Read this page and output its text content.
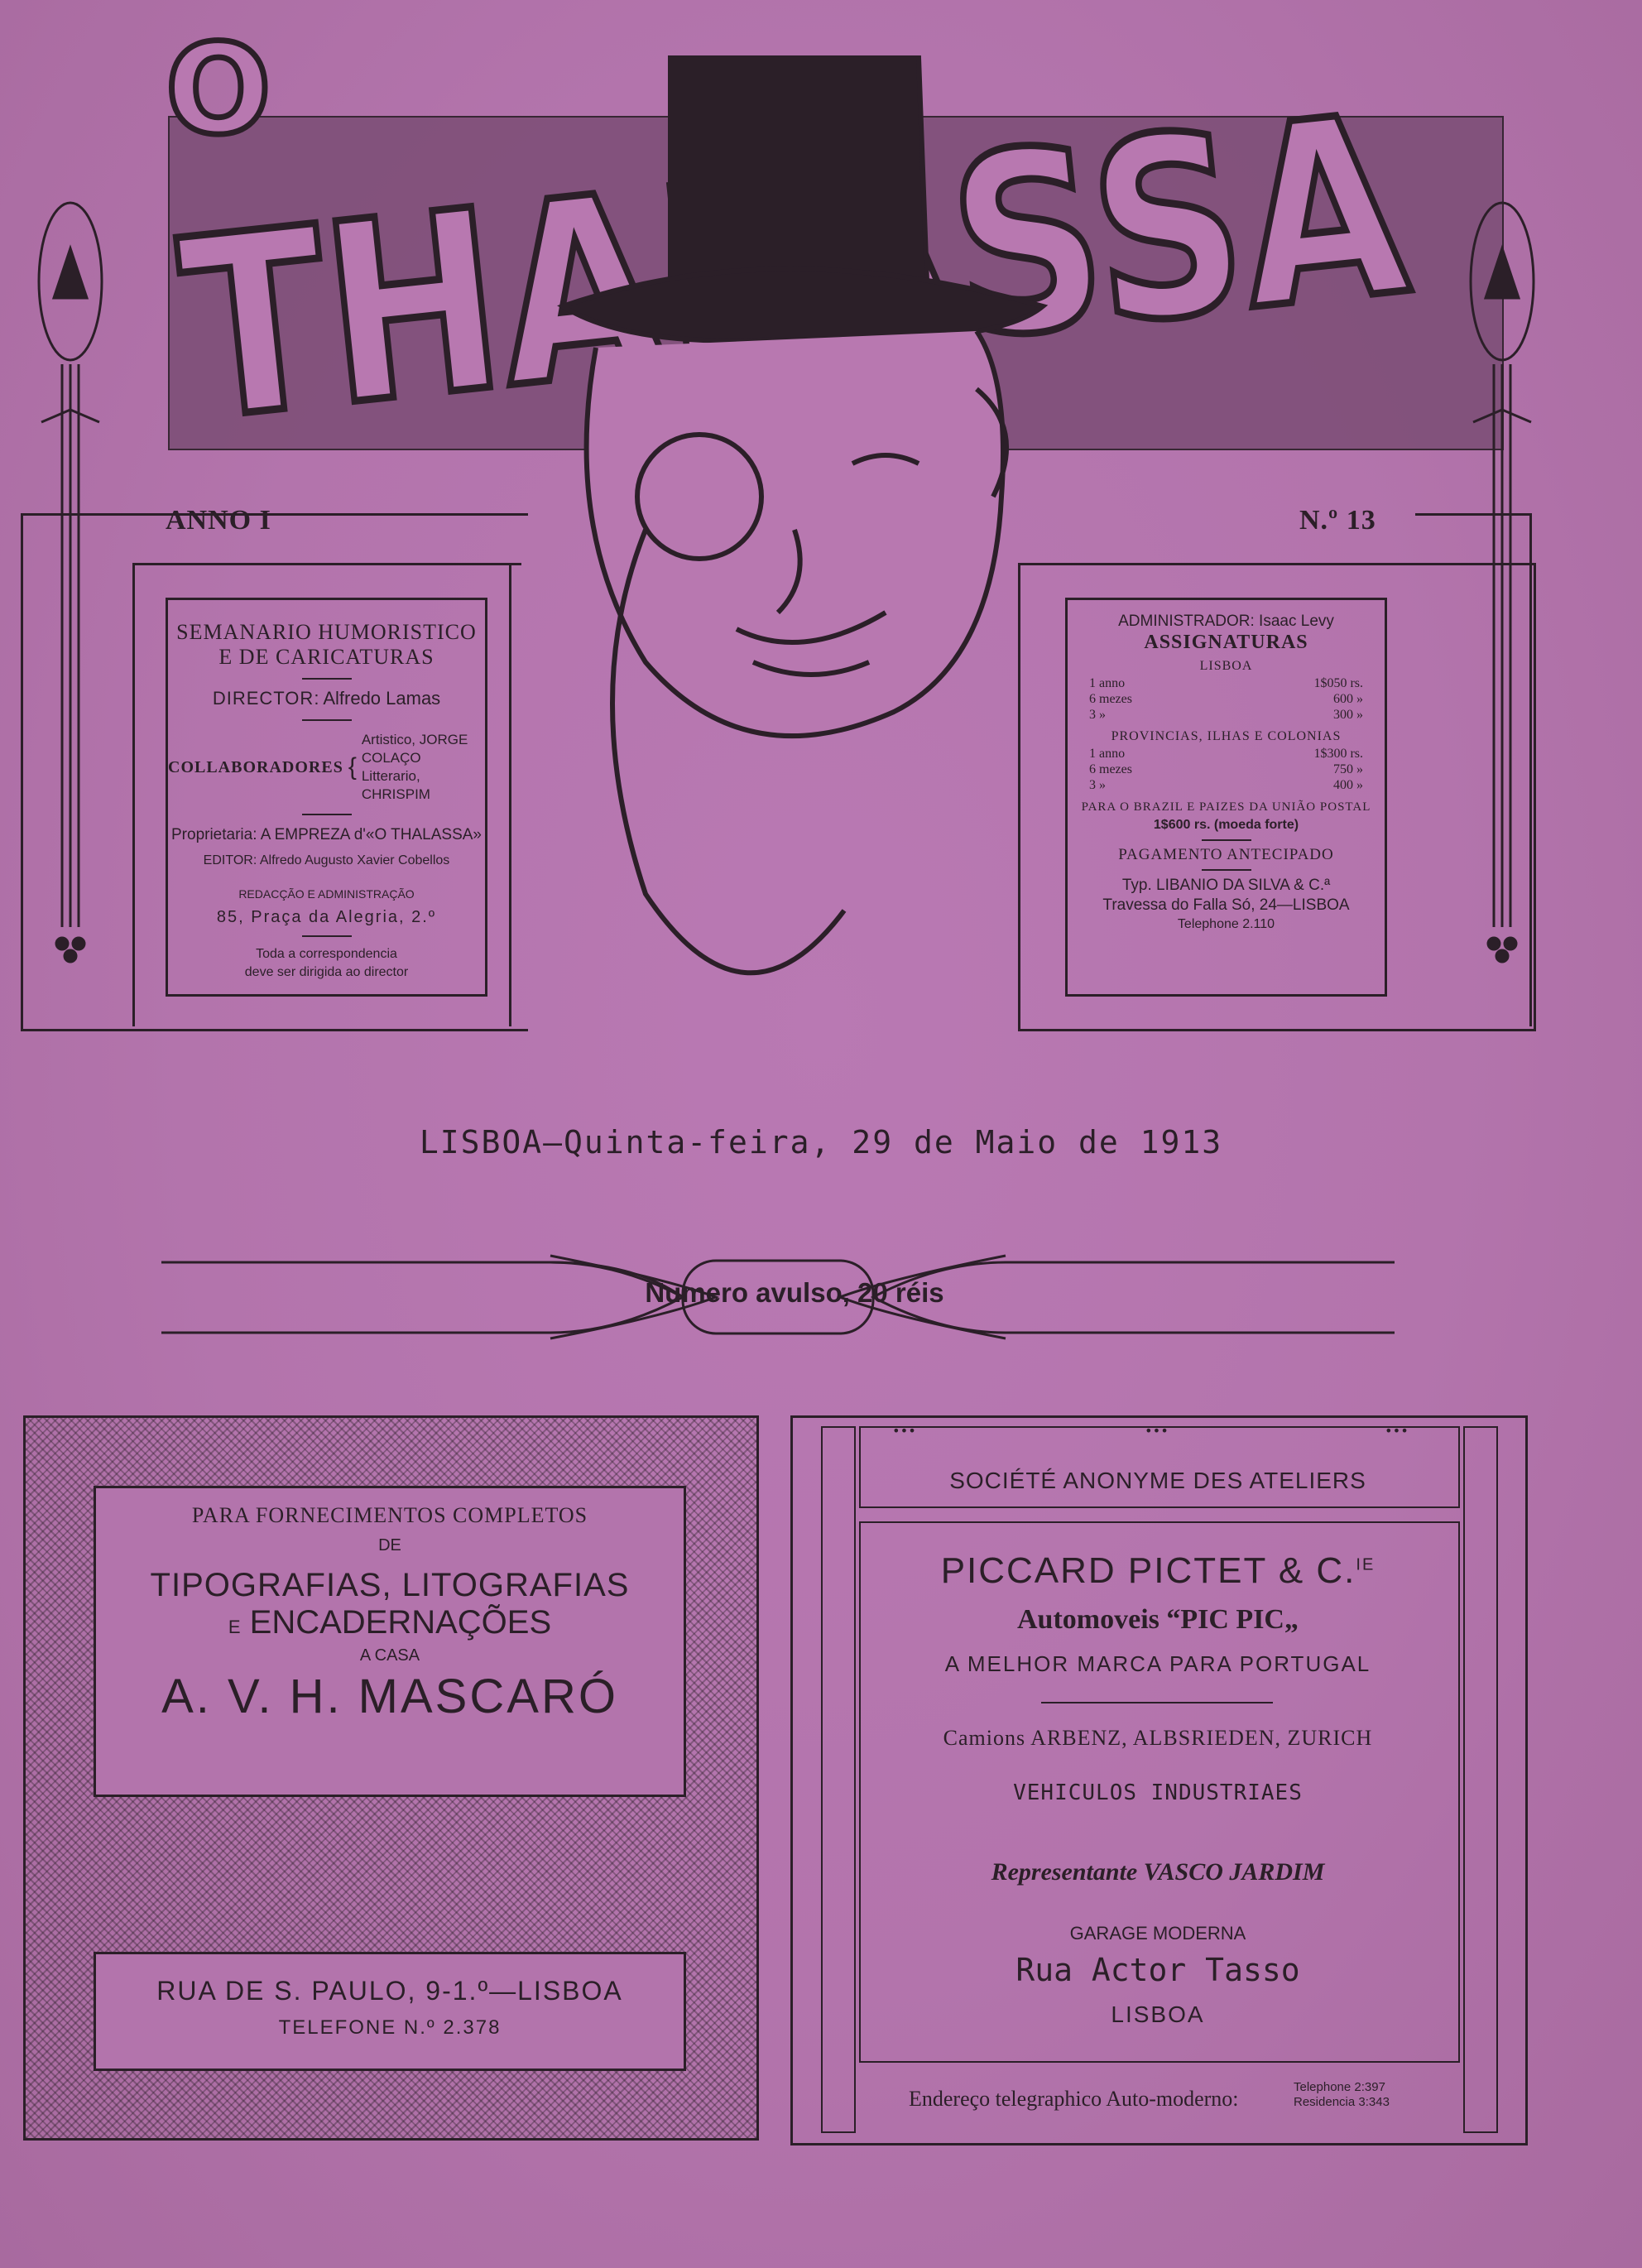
O
ANNO I	N.º 13
SEMANARIO HUMORISTICO
E DE CARICATURAS
DIRECTOR: Alfredo Lamas
COLLABORADORES {
Artistico, JORGE COLAÇO
Litterario, CHRISPIM
Proprietaria: A EMPREZA d'«O THALASSA»
EDITOR: Alfredo Augusto Xavier Cobellos
REDACÇÃO E ADMINISTRAÇÃO
85, Praça da Alegria, 2.º
Toda a correspondencia
deve ser dirigida ao director
ADMINISTRADOR: Isaac Levy
ASSIGNATURAS
LISBOA
1 anno	1$050 rs.
6 mezes	600 »
3 »	300 »
PROVINCIAS, ILHAS E COLONIAS
1 anno	1$300 rs.
6 mezes	750 »
3 »	400 »
PARA O BRAZIL E PAIZES DA UNIÃO POSTAL
1$600 rs. (moeda forte)
PAGAMENTO ANTECIPADO
Typ. LIBANIO DA SILVA & C.ª
Travessa do Falla Só, 24—LISBOA
Telephone 2.110
LISBOA—Quinta-feira, 29 de Maio de 1913
Numero avulso, 20 réis
PARA FORNECIMENTOS COMPLETOS
DE
TIPOGRAFIAS, LITOGRAFIAS
E ENCADERNAÇÕES
A CASA
A. V. H. MASCARÓ
RUA DE S. PAULO, 9-1.º—LISBOA
TELEFONE N.º 2.378
•••	•••	•••
SOCIÉTÉ ANONYME DES ATELIERS
PICCARD PICTET & C.$^{IE}$
Automoveis “PIC PIC„
A MELHOR MARCA PARA PORTUGAL
Camions ARBENZ, ALBSRIEDEN, ZURICH
VEHICULOS INDUSTRIAES
Representante VASCO JARDIM
GARAGE MODERNA
Rua Actor Tasso
LISBOA
Endereço telegraphico Auto-moderno:	Telephone 2:397
Residencia 3:343
